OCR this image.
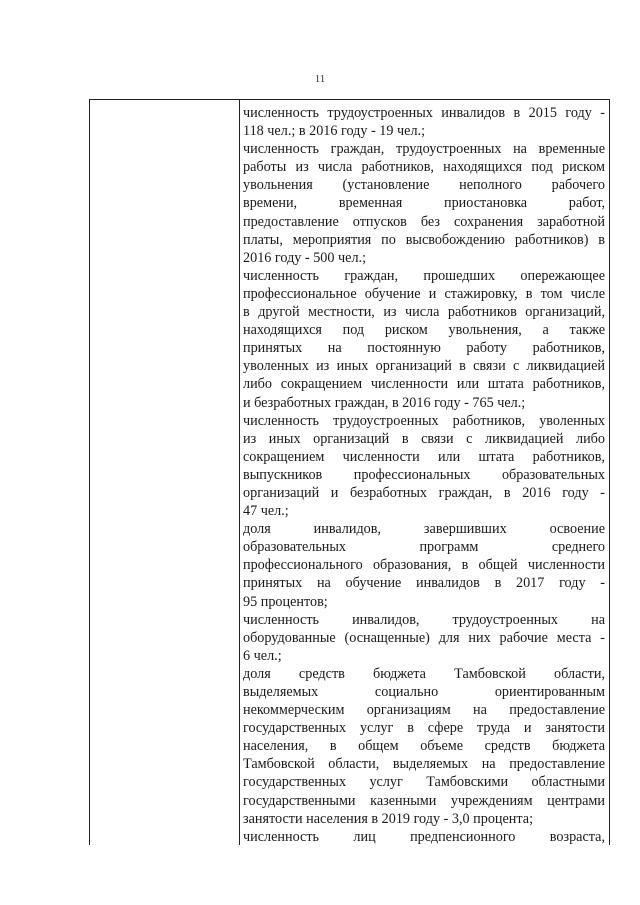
11
численность трудоустроенных инвалидов в 2015 году -
118 чел.; в 2016 году - 19 чел.;
численность граждан, трудоустроенных на временные
работы из числа работников, находящихся под риском
увольнения (установление неполного рабочего
времени, временная приостановка работ,
предоставление отпусков без сохранения заработной
платы, мероприятия по высвобождению работников) в
2016 году - 500 чел.;
численность граждан, прошедших опережающее
профессиональное обучение и стажировку, в том числе
в другой местности, из числа работников организаций,
находящихся под риском увольнения, а также
принятых на постоянную работу работников,
уволенных из иных организаций в связи с ликвидацией
либо сокращением численности или штата работников,
и безработных граждан, в 2016 году - 765 чел.;
численность трудоустроенных работников, уволенных
из иных организаций в связи с ликвидацией либо
сокращением численности или штата работников,
выпускников профессиональных образовательных
организаций и безработных граждан, в 2016 году -
47 чел.;
доля инвалидов, завершивших освоение
образовательных программ среднего
профессионального образования, в общей численности
принятых на обучение инвалидов в 2017 году -
95 процентов;
численность инвалидов, трудоустроенных на
оборудованные (оснащенные) для них рабочие места -
6 чел.;
доля средств бюджета Тамбовской области,
выделяемых социально ориентированным
некоммерческим организациям на предоставление
государственных услуг в сфере труда и занятости
населения, в общем объеме средств бюджета
Тамбовской области, выделяемых на предоставление
государственных услуг Тамбовскими областными
государственными казенными учреждениям центрами
занятости населения в 2019 году - 3,0 процента;
численность лиц предпенсионного возраста,
